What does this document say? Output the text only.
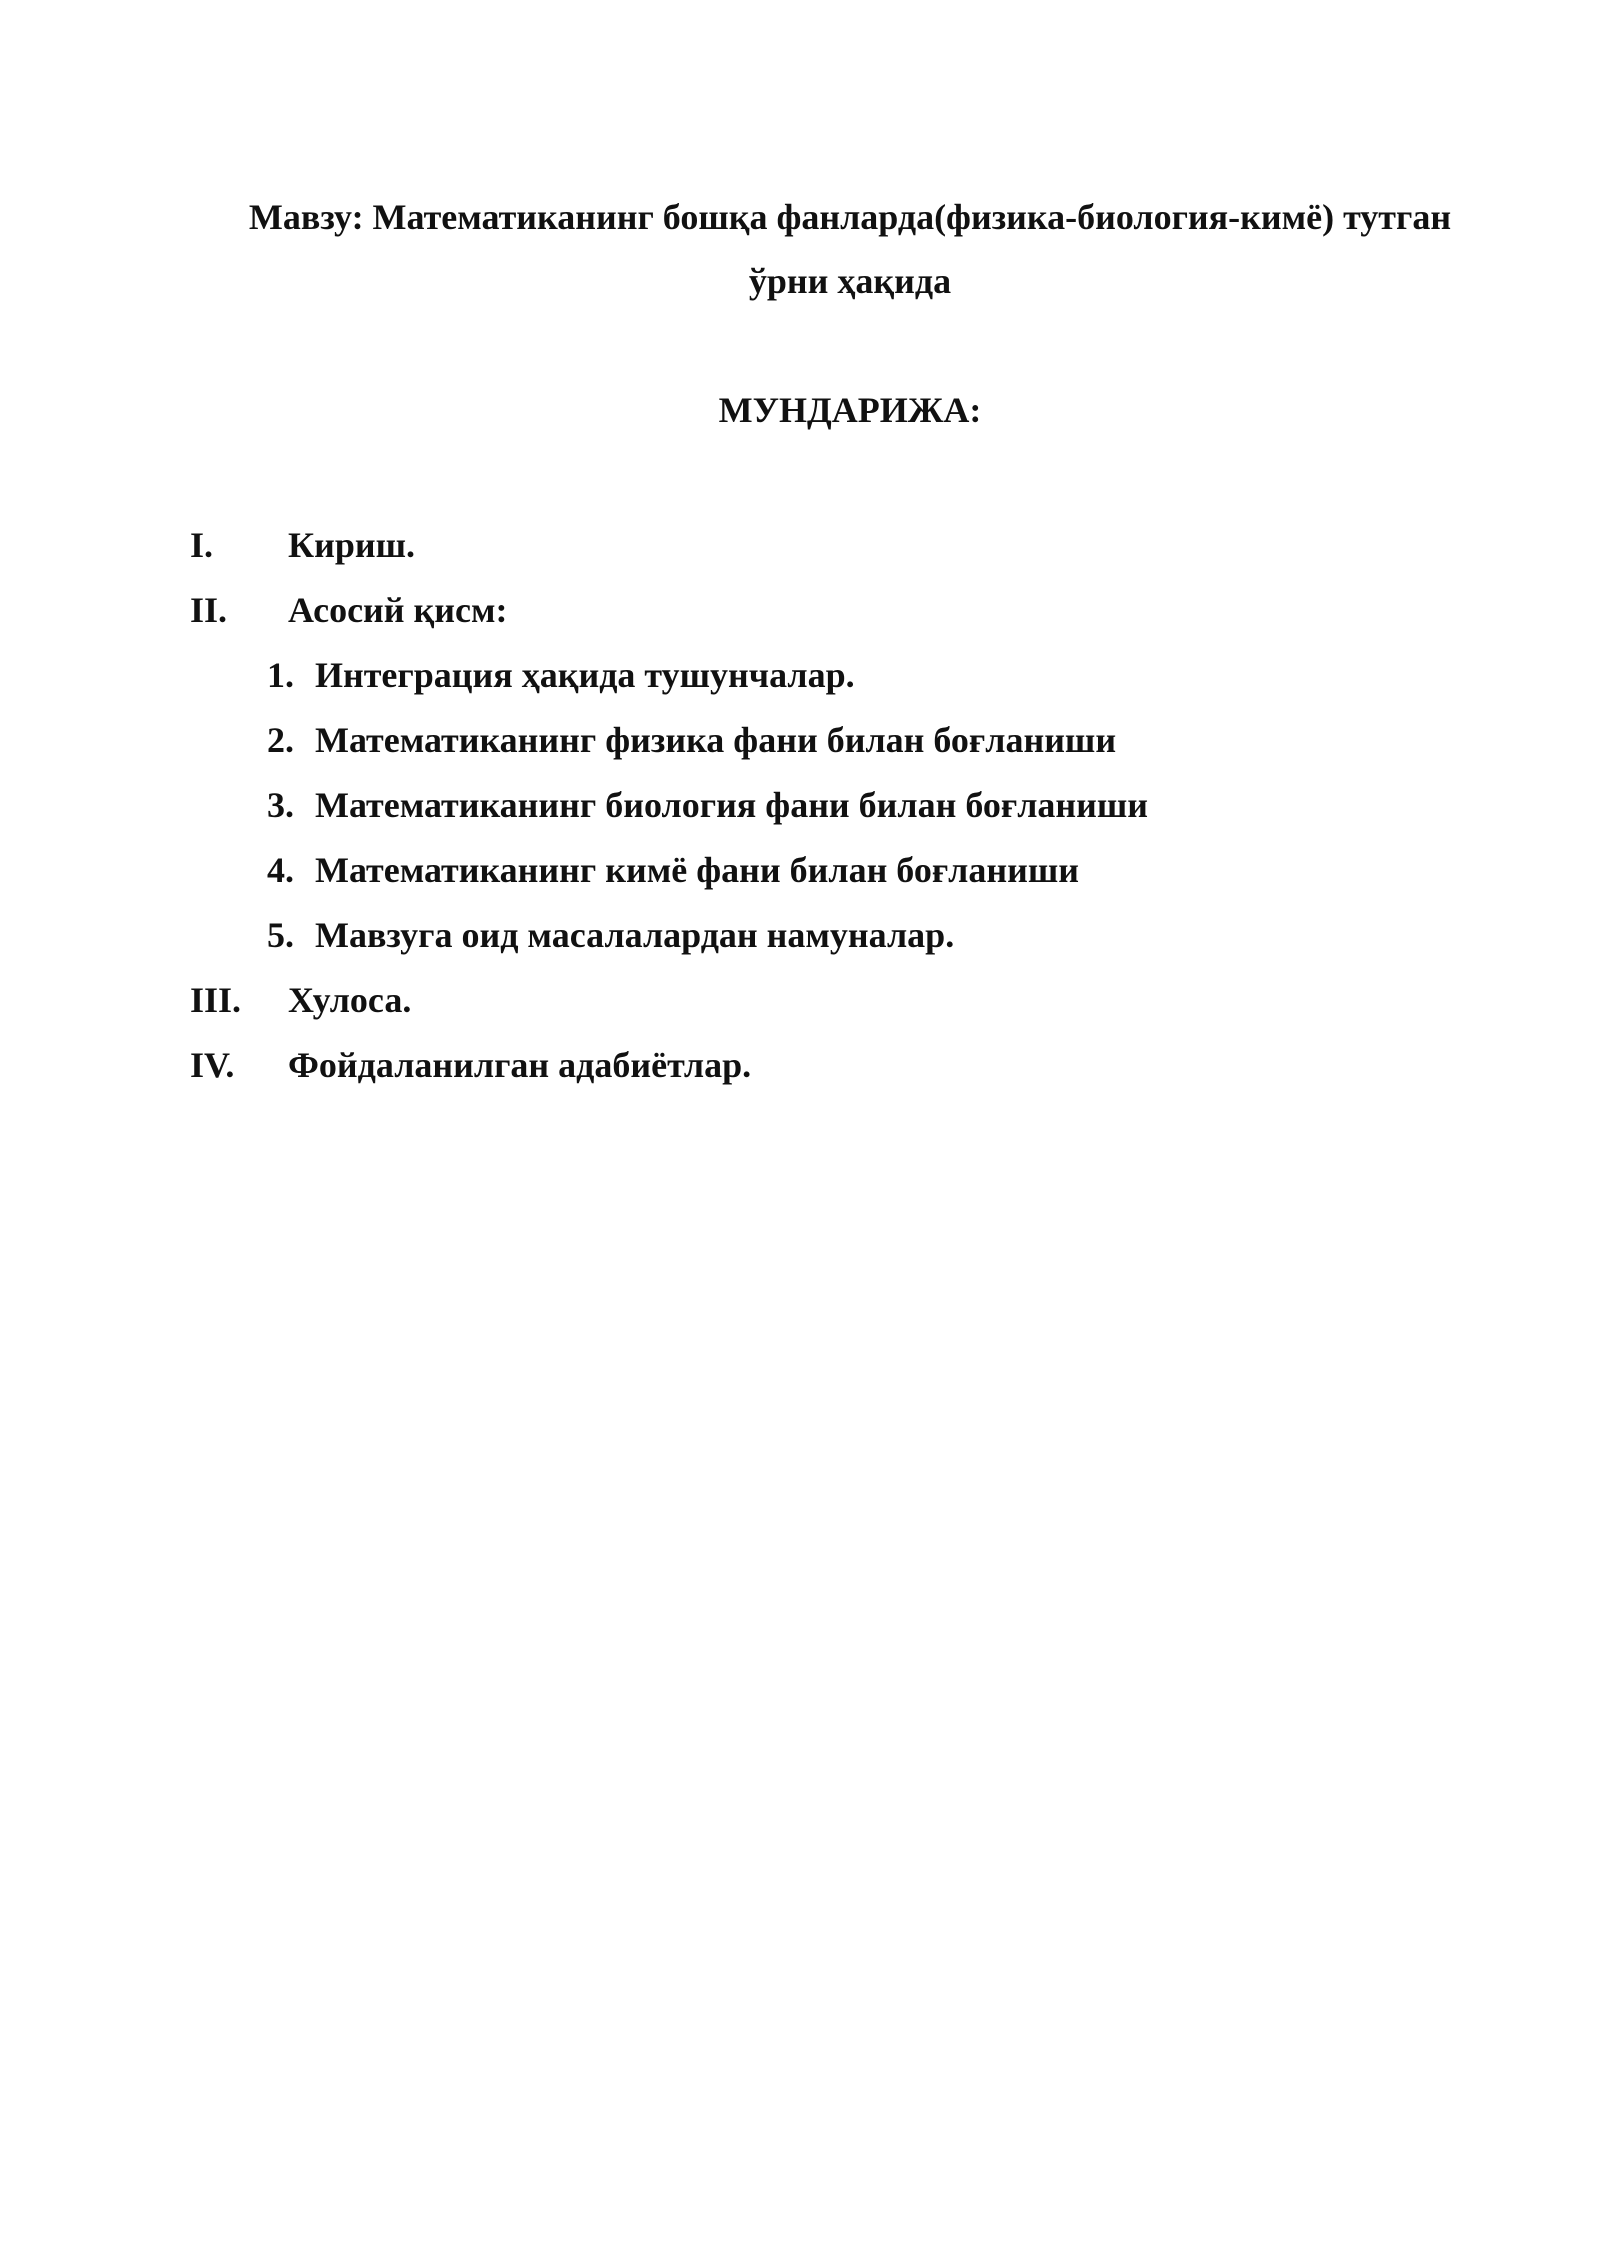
Мавзу: Математиканинг бошқа фанларда(физика-биология-кимё) тутган
ўрни ҳақида
МУНДАРИЖА:
I. Кириш.
II. Асосий қисм:
1. Интеграция ҳақида тушунчалар.
2. Математиканинг физика фани билан боғланиши
3. Математиканинг биология фани билан боғланиши
4. Математиканинг кимё фани билан боғланиши
5. Мавзуга оид масалалардан намуналар.
III. Хулоса.
IV. Фойдаланилган адабиётлар.
